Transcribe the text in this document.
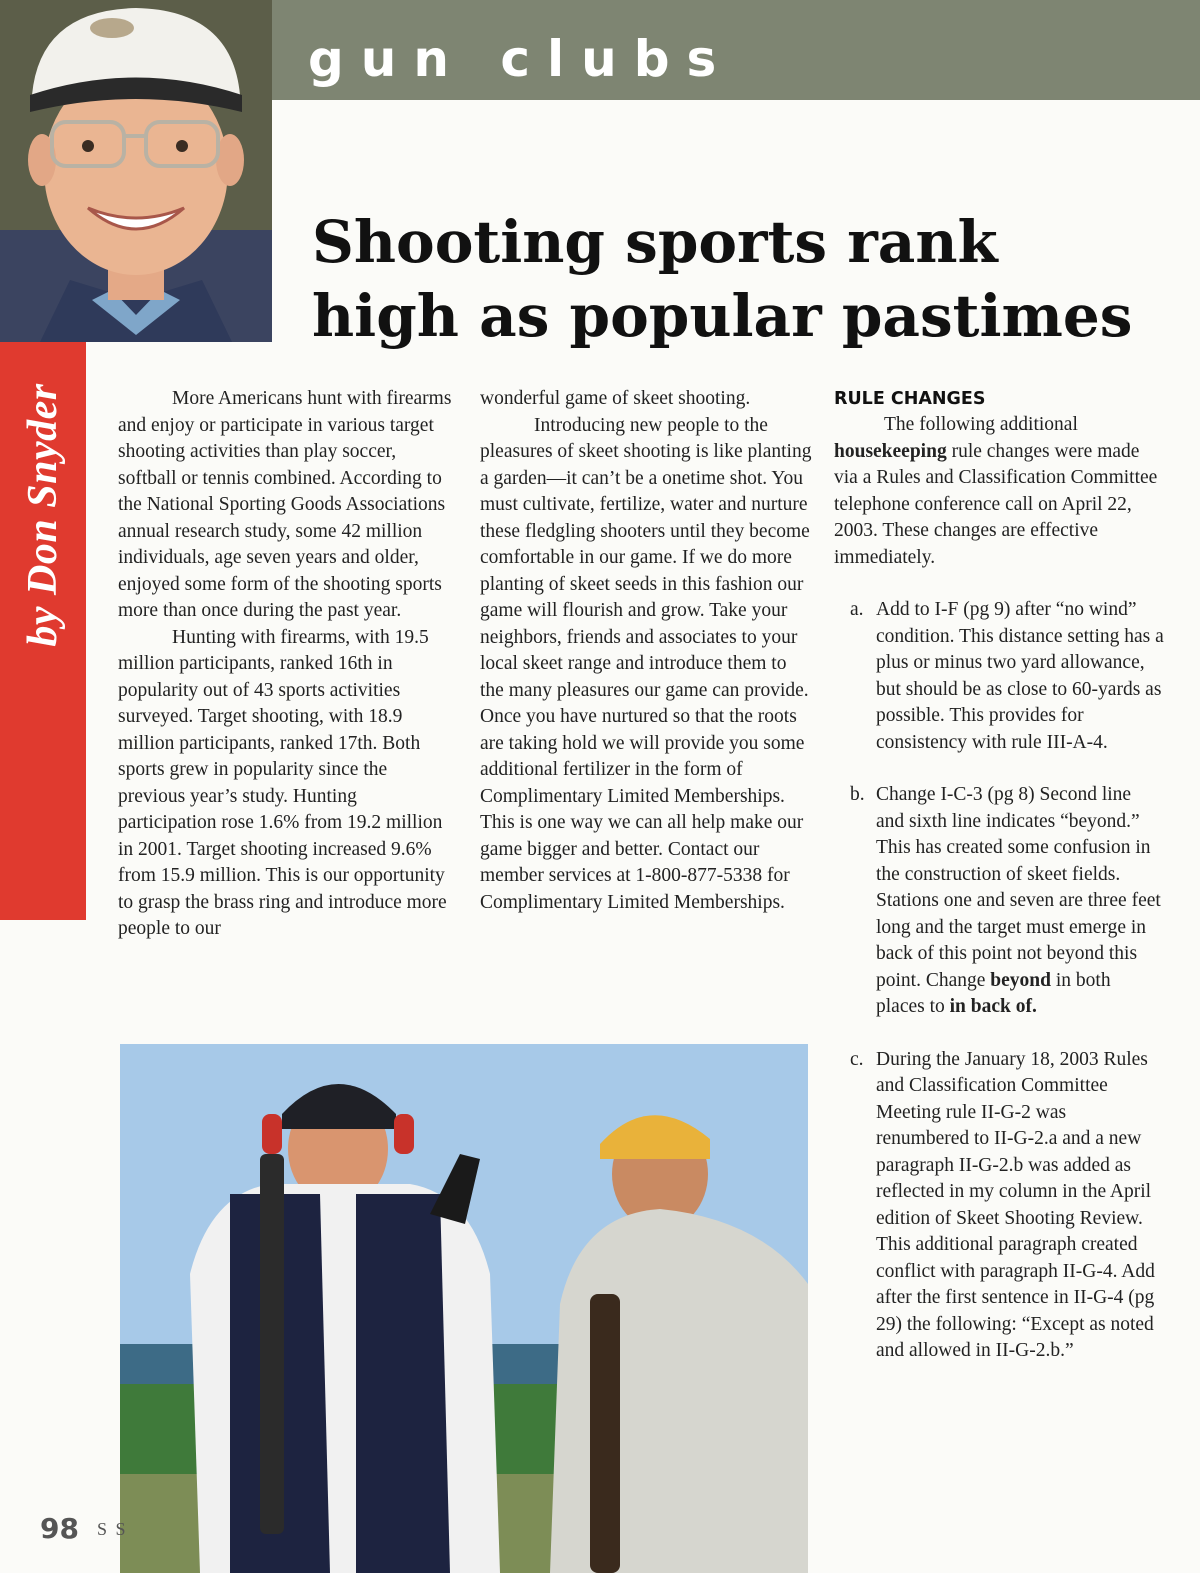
gun clubs
by Don Snyder
Shooting sports rank
high as popular pastimes

More Americans hunt with firearms and enjoy or participate in various target shooting activities than play soccer, softball or tennis combined. According to the National Sporting Goods Associations annual research study, some 42 million individuals, age seven years and older, enjoyed some form of the shooting sports more than once during the past year.

Hunting with firearms, with 19.5 million participants, ranked 16th in popularity out of 43 sports activities surveyed. Target shooting, with 18.9 million participants, ranked 17th. Both sports grew in popularity since the previous year’s study. Hunting participation rose 1.6% from 19.2 million in 2001. Target shooting increased 9.6% from 15.9 million. This is our opportunity to grasp the brass ring and introduce more people to our

wonderful game of skeet shooting.

Introducing new people to the pleasures of skeet shooting is like planting a garden—it can’t be a onetime shot. You must cultivate, fertilize, water and nurture these fledgling shooters until they become comfortable in our game. If we do more planting of skeet seeds in this fashion our game will flourish and grow. Take your neighbors, friends and associates to your local skeet range and introduce them to the many pleasures our game can provide. Once you have nurtured so that the roots are taking hold we will provide you some additional fertilizer in the form of Complimentary Limited Memberships. This is one way we can all help make our game bigger and better. Contact our member services at 1-800-877-5338 for Complimentary Limited Memberships.

RULE CHANGES

The following additional housekeeping rule changes were made via a Rules and Classification Committee telephone conference call on April 22, 2003. These changes are effective immediately.

a. Add to I-F (pg 9) after “no wind” condition. This distance setting has a plus or minus two yard allowance, but should be as close to 60-yards as possible. This provides for consistency with rule III-A-4.
b. Change I-C-3 (pg 8) Second line and sixth line indicates “beyond.” This has created some confusion in the construction of skeet fields. Stations one and seven are three feet long and the target must emerge in back of this point not beyond this point. Change beyond in both places to in back of.
c. During the January 18, 2003 Rules and Classification Committee Meeting rule II-G-2 was renumbered to II-G-2.a and a new paragraph II-G-2.b was added as reflected in my column in the April edition of Skeet Shooting Review. This additional paragraph created conflict with paragraph II-G-4. Add after the first sentence in II-G-4 (pg 29) the following: “Except as noted and allowed in II-G-2.b.”
98 S S
